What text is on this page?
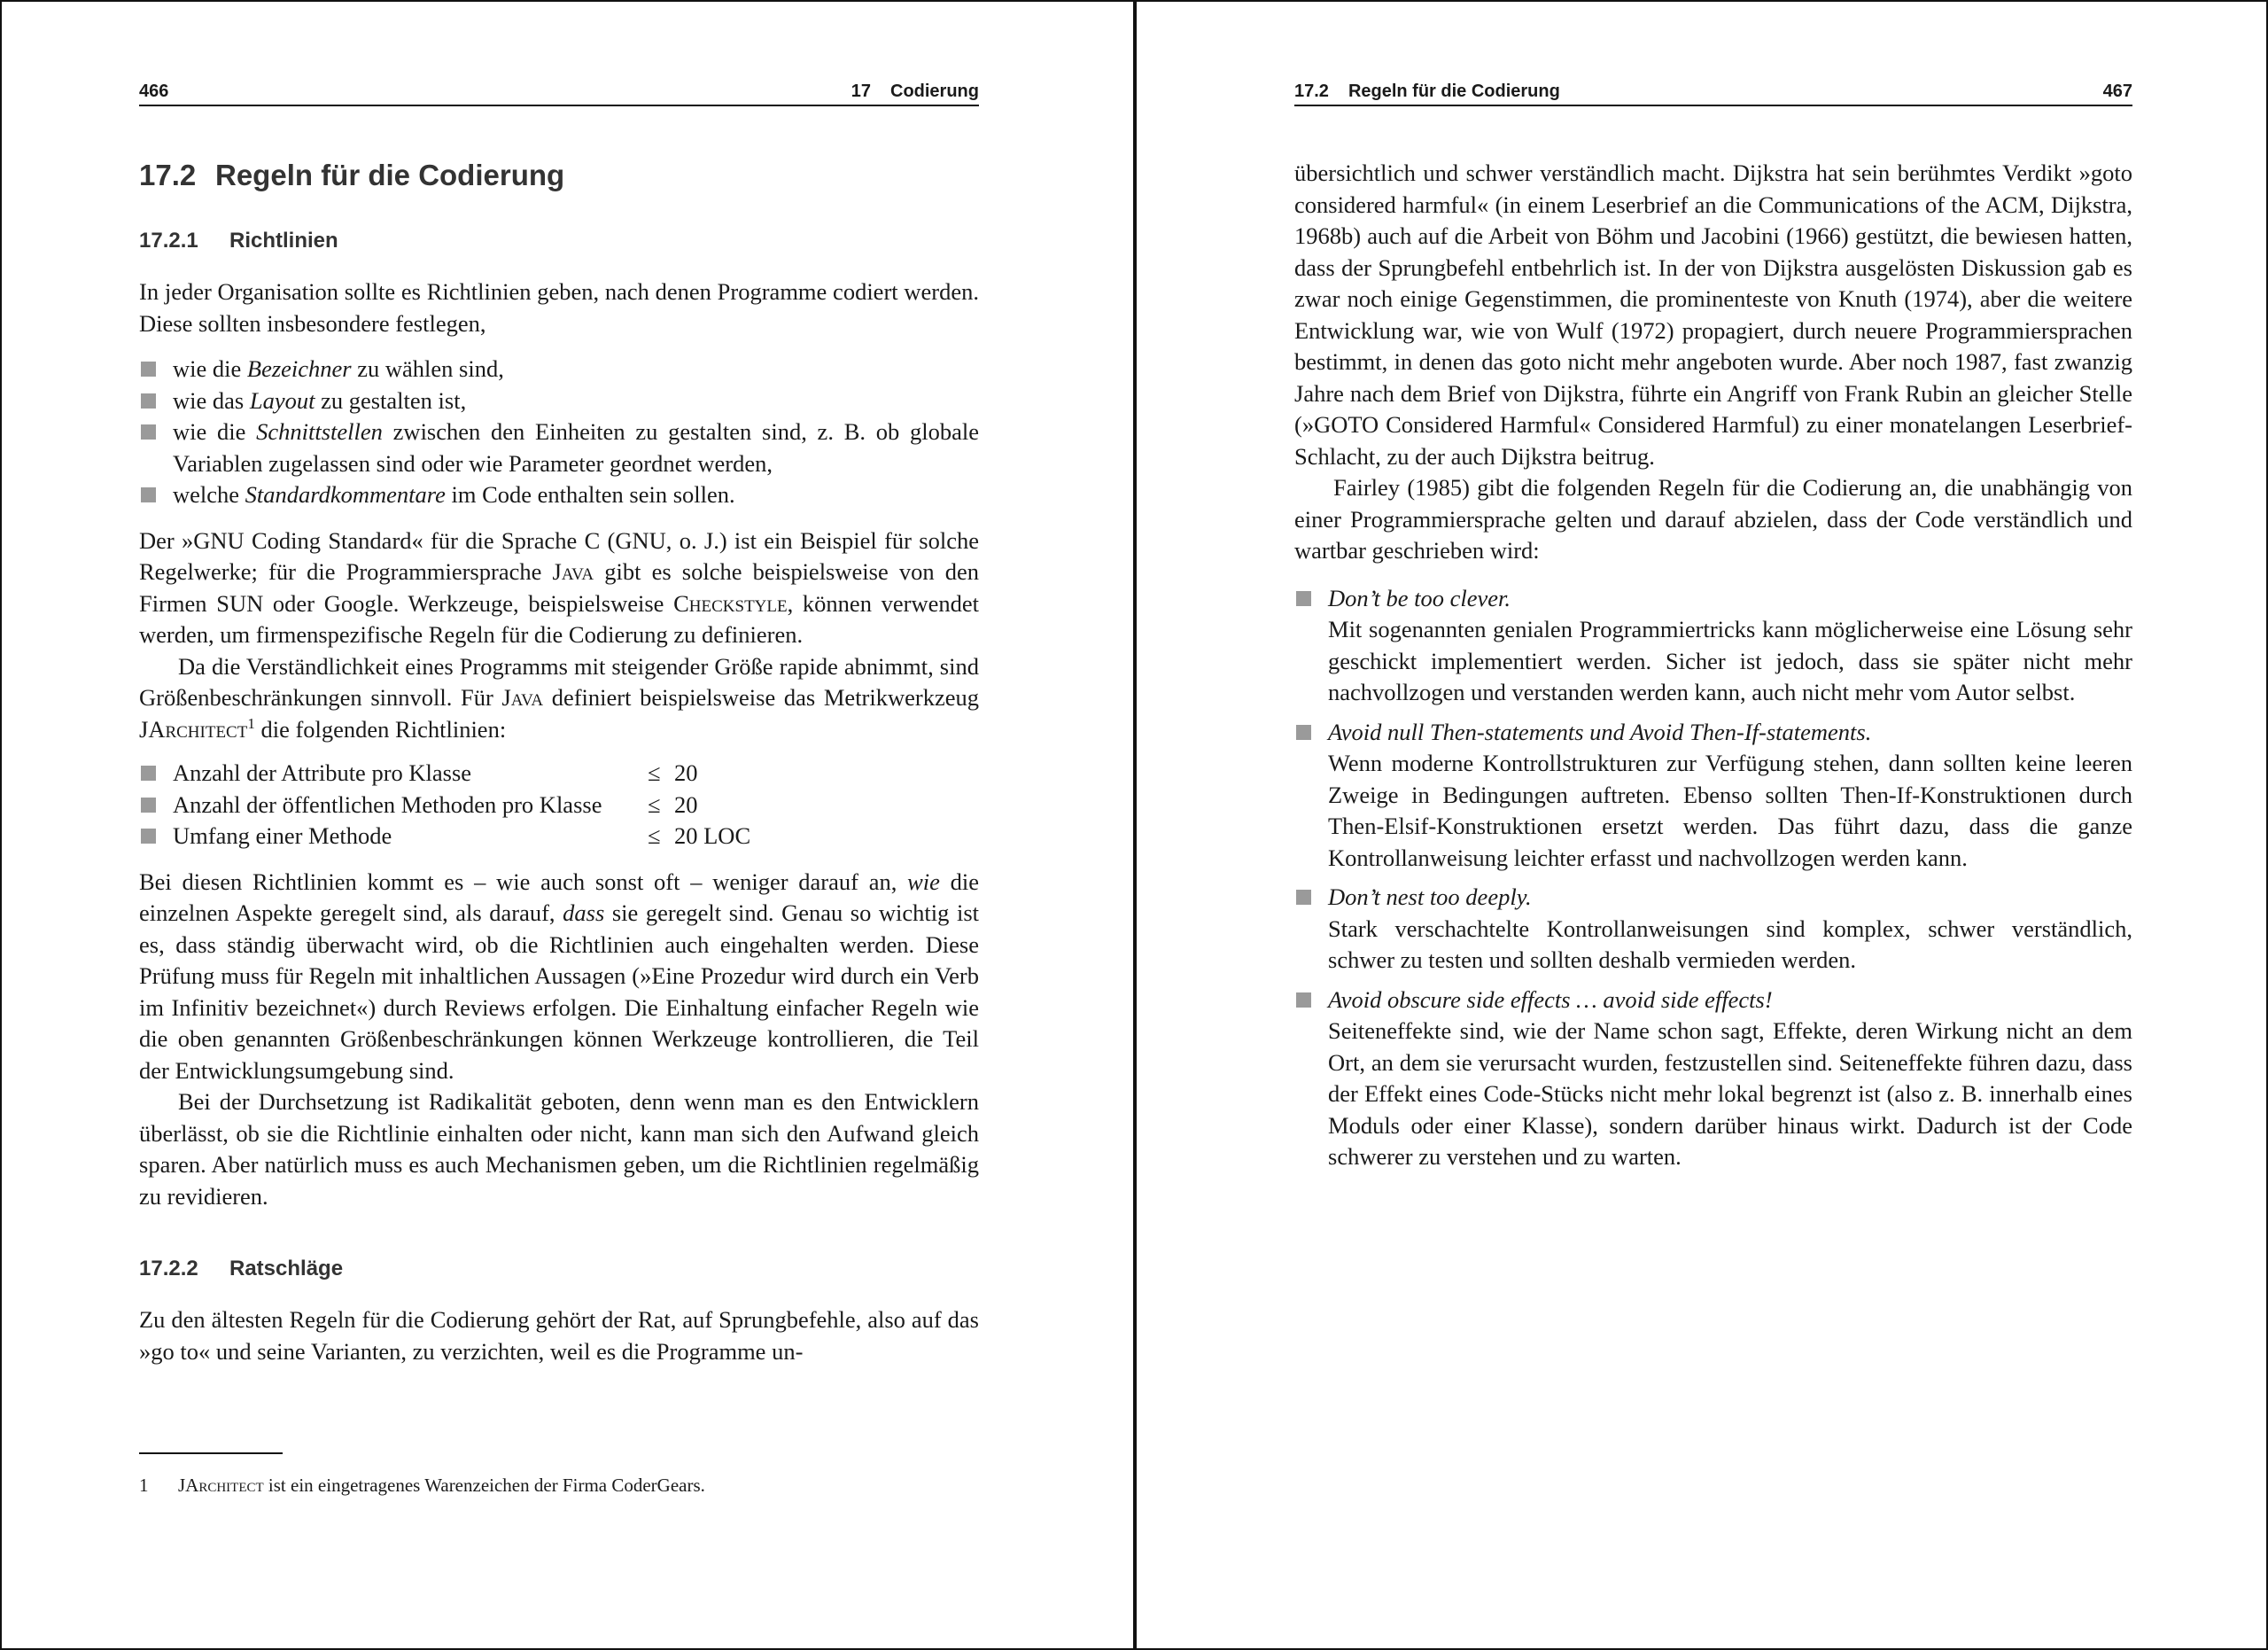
466	17 Codierung
17.2 Regeln für die Codierung
17.2.1 Richtlinien

In jeder Organisation sollte es Richtlinien geben, nach denen Programme codiert werden. Diese sollten insbesondere festlegen,

wie die Bezeichner zu wählen sind,
wie das Layout zu gestalten ist,
wie die Schnittstellen zwischen den Einheiten zu gestalten sind, z. B. ob globale Variablen zugelassen sind oder wie Parameter geordnet werden,
welche Standardkommentare im Code enthalten sein sollen.

Der »GNU Coding Standard« für die Sprache C (GNU, o. J.) ist ein Beispiel für solche Regelwerke; für die Programmiersprache Java gibt es solche beispielsweise von den Firmen SUN oder Google. Werkzeuge, beispielsweise Checkstyle, können verwendet werden, um firmenspezifische Regeln für die Codierung zu definieren.

Da die Verständlichkeit eines Programms mit steigender Größe rapide abnimmt, sind Größenbeschränkungen sinnvoll. Für Java definiert beispielsweise das Metrikwerkzeug JArchitect$^1$ die folgenden Richtlinien:

Anzahl der Attribute pro Klasse	≤	20

Anzahl der öffentlichen Methoden pro Klasse	≤	20

Umfang einer Methode	≤	20 LOC

Bei diesen Richtlinien kommt es – wie auch sonst oft – weniger darauf an, wie die einzelnen Aspekte geregelt sind, als darauf, dass sie geregelt sind. Genau so wichtig ist es, dass ständig überwacht wird, ob die Richtlinien auch eingehalten werden. Diese Prüfung muss für Regeln mit inhaltlichen Aussagen (»Eine Prozedur wird durch ein Verb im Infinitiv bezeichnet«) durch Reviews erfolgen. Die Einhaltung einfacher Regeln wie die oben genannten Größenbeschränkungen können Werkzeuge kontrollieren, die Teil der Entwicklungsumgebung sind.

Bei der Durchsetzung ist Radikalität geboten, denn wenn man es den Entwicklern überlässt, ob sie die Richtlinie einhalten oder nicht, kann man sich den Aufwand gleich sparen. Aber natürlich muss es auch Mechanismen geben, um die Richtlinien regelmäßig zu revidieren.

17.2.2 Ratschläge

Zu den ältesten Regeln für die Codierung gehört der Rat, auf Sprungbefehle, also auf das »go to« und seine Varianten, zu verzichten, weil es die Programme un-

1 JArchitect ist ein eingetragenes Warenzeichen der Firma CoderGears.
17.2 Regeln für die Codierung	467

übersichtlich und schwer verständlich macht. Dijkstra hat sein berühmtes Verdikt »goto considered harmful« (in einem Leserbrief an die Communications of the ACM, Dijkstra, 1968b) auch auf die Arbeit von Böhm und Jacobini (1966) gestützt, die bewiesen hatten, dass der Sprungbefehl entbehrlich ist. In der von Dijkstra ausgelösten Diskussion gab es zwar noch einige Gegenstimmen, die prominenteste von Knuth (1974), aber die weitere Entwicklung war, wie von Wulf (1972) propagiert, durch neuere Programmiersprachen bestimmt, in denen das goto nicht mehr angeboten wurde. Aber noch 1987, fast zwanzig Jahre nach dem Brief von Dijkstra, führte ein Angriff von Frank Rubin an gleicher Stelle (»GOTO Considered Harmful« Considered Harmful) zu einer monatelangen Leserbrief-Schlacht, zu der auch Dijkstra beitrug.

Fairley (1985) gibt die folgenden Regeln für die Codierung an, die unabhängig von einer Programmiersprache gelten und darauf abzielen, dass der Code verständlich und wartbar geschrieben wird:

Don’t be too clever.
Mit sogenannten genialen Programmiertricks kann möglicherweise eine Lösung sehr geschickt implementiert werden. Sicher ist jedoch, dass sie später nicht mehr nachvollzogen und verstanden werden kann, auch nicht mehr vom Autor selbst.
Avoid null Then-statements und Avoid Then-If-statements.
Wenn moderne Kontrollstrukturen zur Verfügung stehen, dann sollten keine leeren Zweige in Bedingungen auftreten. Ebenso sollten Then-If-Konstruktionen durch Then-Elsif-Konstruktionen ersetzt werden. Das führt dazu, dass die ganze Kontrollanweisung leichter erfasst und nachvollzogen werden kann.
Don’t nest too deeply.
Stark verschachtelte Kontrollanweisungen sind komplex, schwer verständlich, schwer zu testen und sollten deshalb vermieden werden.
Avoid obscure side effects … avoid side effects!
Seiteneffekte sind, wie der Name schon sagt, Effekte, deren Wirkung nicht an dem Ort, an dem sie verursacht wurden, festzustellen sind. Seiteneffekte führen dazu, dass der Effekt eines Code-Stücks nicht mehr lokal begrenzt ist (also z. B. innerhalb eines Moduls oder einer Klasse), sondern darüber hinaus wirkt. Dadurch ist der Code schwerer zu verstehen und zu warten.
